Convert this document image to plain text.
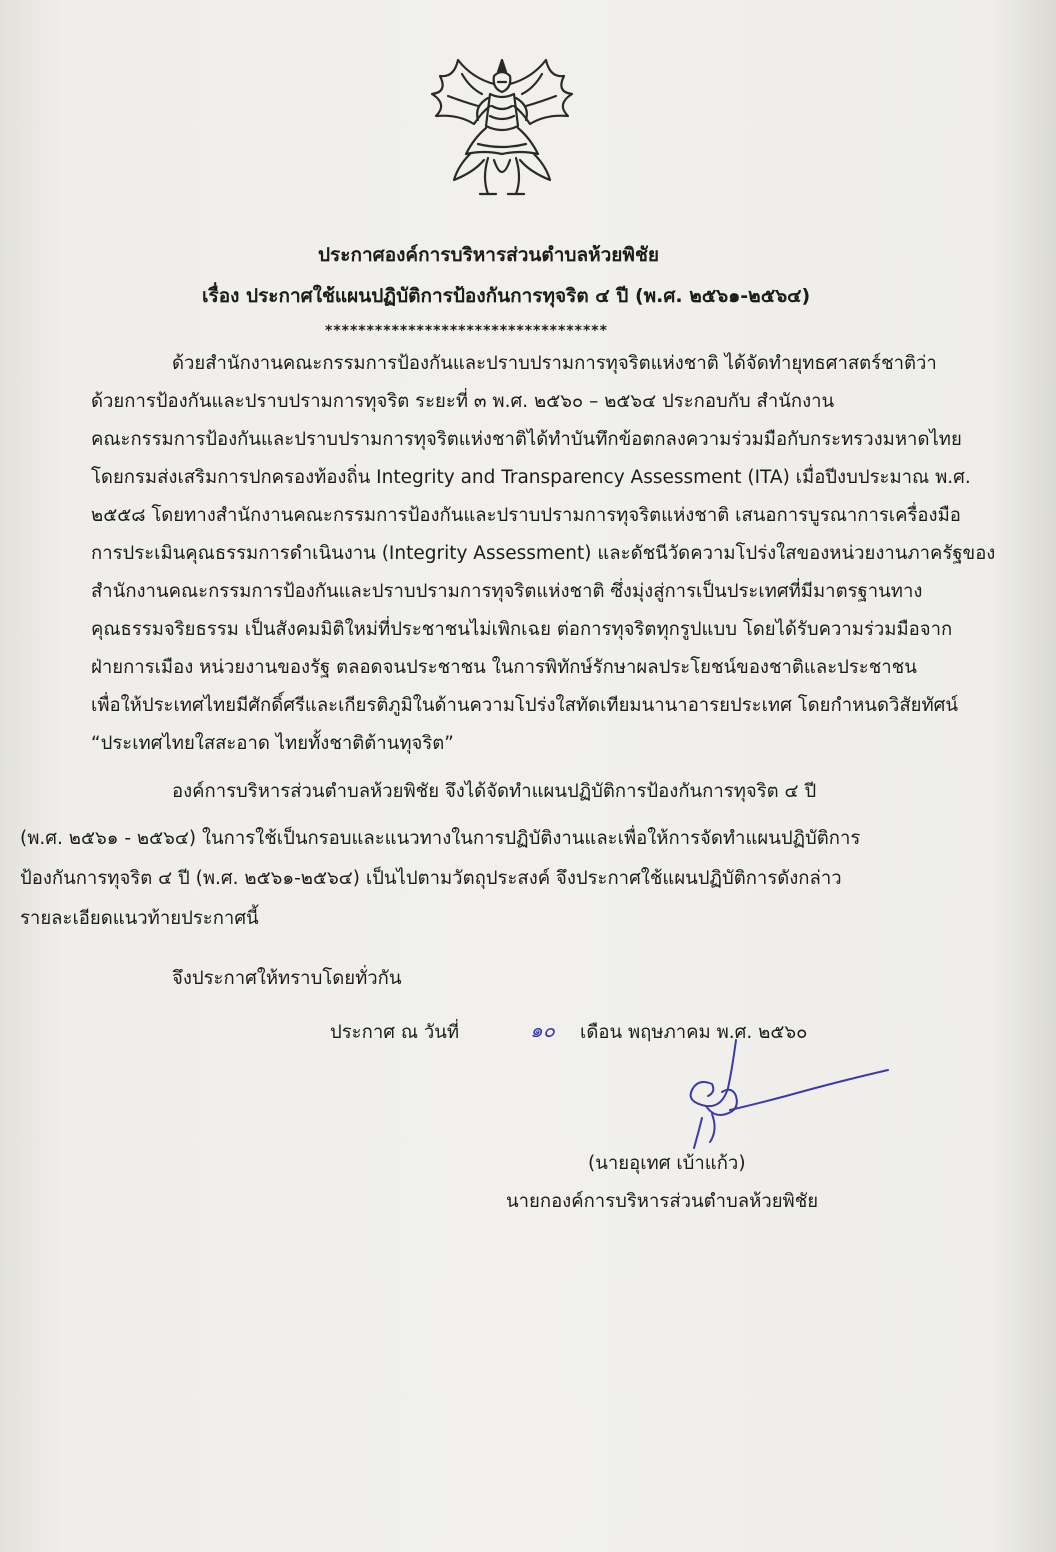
ประกาศองค์การบริหารส่วนตำบลห้วยพิชัย
เรื่อง ประกาศใช้แผนปฏิบัติการป้องกันการทุจริต ๔ ปี (พ.ศ. ๒๕๖๑-๒๕๖๔)
**********************************
ด้วยสำนักงานคณะกรรมการป้องกันและปราบปรามการทุจริตแห่งชาติ ได้จัดทำยุทธศาสตร์ชาติว่า
ด้วยการป้องกันและปราบปรามการทุจริต ระยะที่ ๓ พ.ศ. ๒๕๖๐ – ๒๕๖๔ ประกอบกับ สำนักงาน
คณะกรรมการป้องกันและปราบปรามการทุจริตแห่งชาติได้ทำบันทึกข้อตกลงความร่วมมือกับกระทรวงมหาดไทย
โดยกรมส่งเสริมการปกครองท้องถิ่น Integrity and Transparency Assessment (ITA) เมื่อปีงบประมาณ พ.ศ.
๒๕๕๘ โดยทางสำนักงานคณะกรรมการป้องกันและปราบปรามการทุจริตแห่งชาติ เสนอการบูรณาการเครื่องมือ
การประเมินคุณธรรมการดำเนินงาน (Integrity Assessment) และดัชนีวัดความโปร่งใสของหน่วยงานภาครัฐของ
สำนักงานคณะกรรมการป้องกันและปราบปรามการทุจริตแห่งชาติ ซึ่งมุ่งสู่การเป็นประเทศที่มีมาตรฐานทาง
คุณธรรมจริยธรรม เป็นสังคมมิติใหม่ที่ประชาชนไม่เพิกเฉย ต่อการทุจริตทุกรูปแบบ โดยได้รับความร่วมมือจาก
ฝ่ายการเมือง หน่วยงานของรัฐ ตลอดจนประชาชน ในการพิทักษ์รักษาผลประโยชน์ของชาติและประชาชน
เพื่อให้ประเทศไทยมีศักดิ์ศรีและเกียรติภูมิในด้านความโปร่งใสทัดเทียมนานาอารยประเทศ โดยกำหนดวิสัยทัศน์
“ประเทศไทยใสสะอาด ไทยทั้งชาติต้านทุจริต”
องค์การบริหารส่วนตำบลห้วยพิชัย จึงได้จัดทำแผนปฏิบัติการป้องกันการทุจริต ๔ ปี
(พ.ศ. ๒๕๖๑ - ๒๕๖๔) ในการใช้เป็นกรอบและแนวทางในการปฏิบัติงานและเพื่อให้การจัดทำแผนปฏิบัติการ
ป้องกันการทุจริต ๔ ปี (พ.ศ. ๒๕๖๑-๒๕๖๔) เป็นไปตามวัตถุประสงค์ จึงประกาศใช้แผนปฏิบัติการดังกล่าว
รายละเอียดแนวท้ายประกาศนี้
จึงประกาศให้ทราบโดยทั่วกัน
ประกาศ ณ วันที่	๑๐ เดือน พฤษภาคม พ.ศ. ๒๕๖๐
(นายอุเทศ เบ้าแก้ว)
นายกองค์การบริหารส่วนตำบลห้วยพิชัย
